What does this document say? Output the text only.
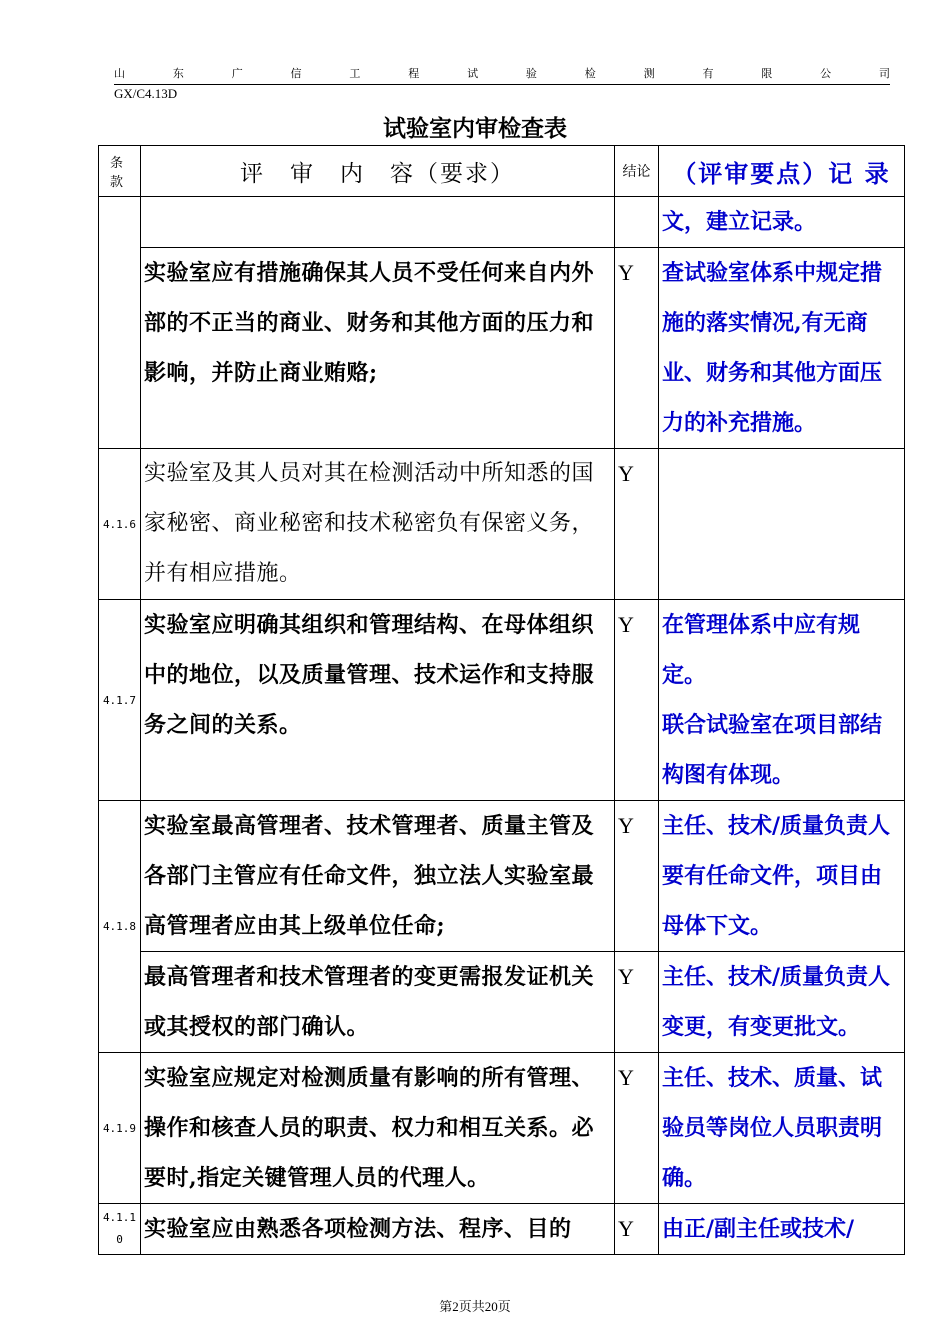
山	东	广	信	工	程	试	验	检	测	有	限	公	司
GX/C4.13D
试验室内审检查表
条款	评　审　内　容（要求）	结论	（评审要点）记 录
			文，建立记录。
	实验室应有措施确保其人员不受任何来自内外部的不正当的商业、财务和其他方面的压力和影响，并防止商业贿赂;	Y	查试验室体系中规定措施的落实情况,有无商业、财务和其他方面压力的补充措施。
4.1.6	实验室及其人员对其在检测活动中所知悉的国家秘密、商业秘密和技术秘密负有保密义务，并有相应措施。	Y	
4.1.7	实验室应明确其组织和管理结构、在母体组织中的地位，以及质量管理、技术运作和支持服务之间的关系。	Y	在管理体系中应有规定。
联合试验室在项目部结构图有体现。

4.1.8	实验室最高管理者、技术管理者、质量主管及各部门主管应有任命文件，独立法人实验室最高管理者应由其上级单位任命;	Y	主任、技术/质量负责人要有任命文件，项目由母体下文。
	最高管理者和技术管理者的变更需报发证机关或其授权的部门确认。	Y	主任、技术/质量负责人变更，有变更批文。
4.1.9	实验室应规定对检测质量有影响的所有管理、操作和核查人员的职责、权力和相互关系。必要时,指定关键管理人员的代理人。	Y	主任、技术、质量、试验员等岗位人员职责明确。
4.1.10	实验室应由熟悉各项检测方法、程序、目的	Y	由正/副主任或技术/
第2页共20页
